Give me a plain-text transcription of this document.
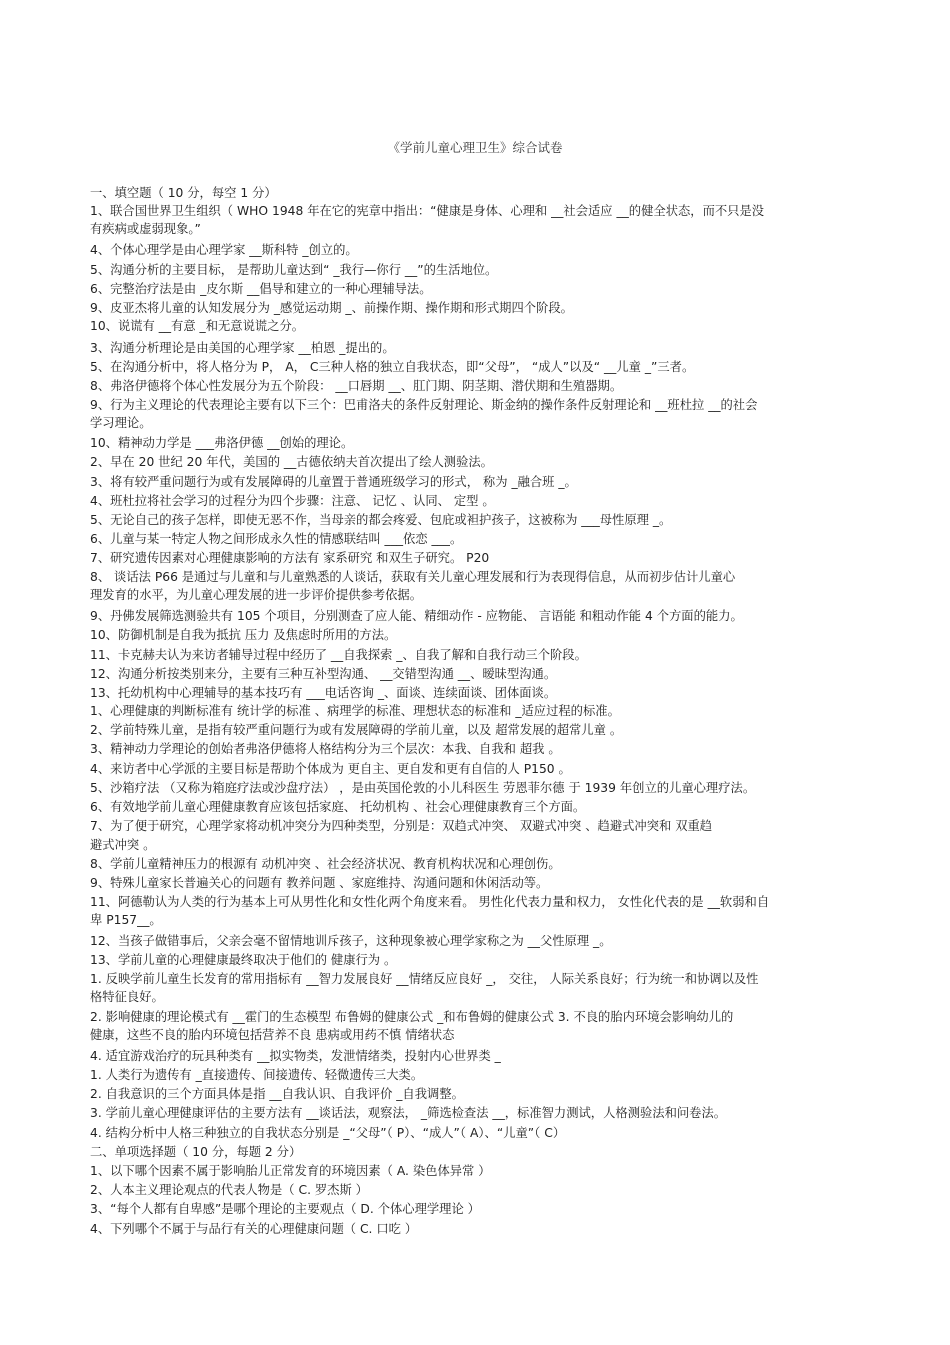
《学前儿童心理卫生》综合试卷
一、填空题（ 10 分，每空 1 分）
1、联合国世界卫生组织（ WHO 1948 年在它的宪章中指出：“健康是身体、心理和 __社会适应 __的健全状态，而不只是没
有疾病或虚弱现象。”
4、个体心理学是由心理学家 __斯科特 _创立的。
5、沟通分析的主要目标， 是帮助儿童达到“ _我行—你行 __”的生活地位。
6、完整治疗法是由 _皮尔斯 __倡导和建立的一种心理辅导法。
9、皮亚杰将儿童的认知发展分为 _感觉运动期 _、前操作期、操作期和形式期四个阶段。
10、说谎有 __有意 _和无意说谎之分。
3、沟通分析理论是由美国的心理学家 __柏恩 _提出的。
5、在沟通分析中，将人格分为 P， A， C三种人格的独立自我状态，即“父母”， “成人”以及“ __儿童 _”三者。
8、弗洛伊德将个体心性发展分为五个阶段： __口唇期 __、肛门期、阴茎期、潜伏期和生殖器期。
9、行为主义理论的代表理论主要有以下三个：巴甫洛夫的条件反射理论、斯金纳的操作条件反射理论和 __班杜拉 __的社会
学习理论。
10、精神动力学是 ___弗洛伊德 __创始的理论。
2、早在 20 世纪 20 年代，美国的 __古德依纳夫首次提出了绘人测验法。
3、将有较严重问题行为或有发展障碍的儿童置于普通班级学习的形式， 称为 _融合班 _。
4、班杜拉将社会学习的过程分为四个步骤：注意、 记忆 、认同、 定型 。
5、无论自己的孩子怎样，即使无恶不作，当母亲的都会疼爱、包庇或袒护孩子，这被称为 ___母性原理 _。
6、儿童与某一特定人物之间形成永久性的情感联结叫 ___依恋 ___。
7、研究遗传因素对心理健康影响的方法有 家系研究 和双生子研究。 P20
8、 谈话法 P66 是通过与儿童和与儿童熟悉的人谈话，获取有关儿童心理发展和行为表现得信息，从而初步估计儿童心
理发育的水平，为儿童心理发展的进一步评价提供参考依据。
9、丹佛发展筛选测验共有 105 个项目，分别测查了应人能、精细动作 - 应物能、 言语能 和粗动作能 4 个方面的能力。
10、防御机制是自我为抵抗 压力 及焦虑时所用的方法。
11、卡克赫夫认为来访者辅导过程中经历了 __自我探索 _、自我了解和自我行动三个阶段。
12、沟通分析按类别来分，主要有三种互补型沟通、 __交错型沟通 __、暧昧型沟通。
13、托幼机构中心理辅导的基本技巧有 ___电话咨询 _、面谈、连续面谈、团体面谈。
1、心理健康的判断标准有 统计学的标准 、病理学的标准、理想状态的标准和 _适应过程的标准。
2、学前特殊儿童，是指有较严重问题行为或有发展障碍的学前儿童，以及 超常发展的超常儿童 。
3、精神动力学理论的创始者弗洛伊德将人格结构分为三个层次：本我、自我和 超我 。
4、来访者中心学派的主要目标是帮助个体成为 更自主、更自发和更有自信的人 P150 。
5、沙箱疗法 （又称为箱庭疗法或沙盘疗法） ，是由英国伦敦的小儿科医生 劳恩菲尔德 于 1939 年创立的儿童心理疗法。
6、有效地学前儿童心理健康教育应该包括家庭、 托幼机构 、社会心理健康教育三个方面。
7、为了便于研究，心理学家将动机冲突分为四种类型，分别是：双趋式冲突、 双避式冲突 、趋避式冲突和 双重趋
避式冲突 。
8、学前儿童精神压力的根源有 动机冲突 、社会经济状况、教育机构状况和心理创伤。
9、特殊儿童家长普遍关心的问题有 教养问题 、家庭维持、沟通问题和休闲活动等。
11、阿德勒认为人类的行为基本上可从男性化和女性化两个角度来看。 男性化代表力量和权力， 女性化代表的是 __软弱和自
卑 P157__。
12、当孩子做错事后，父亲会毫不留情地训斥孩子，这种现象被心理学家称之为 __父性原理 _。
13、学前儿童的心理健康最终取决于他们的 健康行为 。
1. 反映学前儿童生长发育的常用指标有 __智力发展良好 __情绪反应良好 _， 交往， 人际关系良好；行为统一和协调以及性
格特征良好。
2. 影响健康的理论模式有 __霍门的生态模型 布鲁姆的健康公式 _和布鲁姆的健康公式 3. 不良的胎内环境会影响幼儿的
健康，这些不良的胎内环境包括营养不良 患病或用药不慎 情绪状态
4. 适宜游戏治疗的玩具种类有 __拟实物类，发泄情绪类，投射内心世界类 _
1. 人类行为遗传有 _直接遗传、间接遗传、轻微遗传三大类。
2. 自我意识的三个方面具体是指 __自我认识、自我评价 _自我调整。
3. 学前儿童心理健康评估的主要方法有 __谈话法，观察法， _筛选检查法 __，标准智力测试，人格测验法和问卷法。
4. 结构分析中人格三种独立的自我状态分别是 _“父母”（ P）、“成人”（ A）、“儿童”（ C）
二、单项选择题（ 10 分，每题 2 分）
1、以下哪个因素不属于影响胎儿正常发育的环境因素（ A. 染色体异常 ）
2、人本主义理论观点的代表人物是（ C. 罗杰斯 ）
3、“每个人都有自卑感”是哪个理论的主要观点（ D. 个体心理学理论 ）
4、下列哪个不属于与品行有关的心理健康问题（ C. 口吃 ）
